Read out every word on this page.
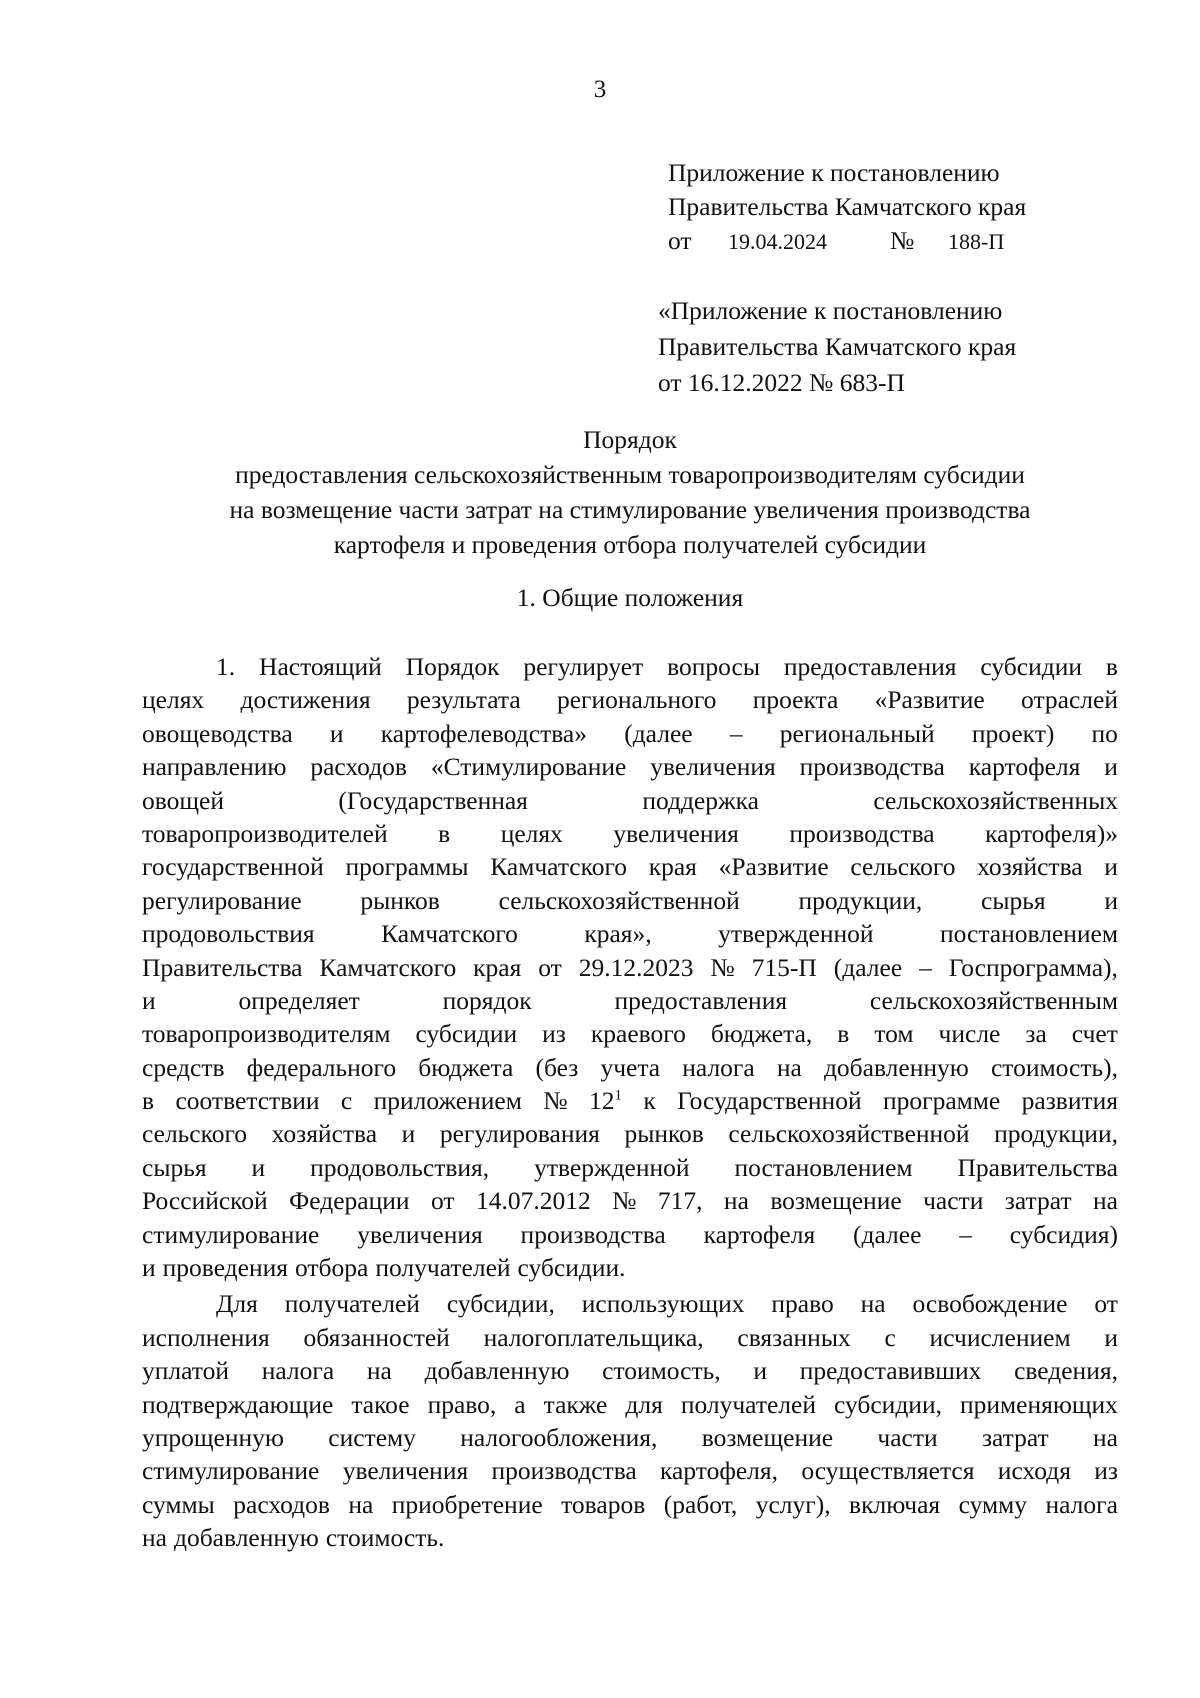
3
Приложение к постановлению
Правительства Камчатского края
от 19.04.2024 № 188-П
«Приложение к постановлению
Правительства Камчатского края
от 16.12.2022 № 683-П
Порядок
предоставления сельскохозяйственным товаропроизводителям субсидии
на возмещение части затрат на стимулирование увеличения производства
картофеля и проведения отбора получателей субсидии
1. Общие положения
1. Настоящий Порядок регулирует вопросы предоставления субсидии в
целях достижения результата регионального проекта «Развитие отраслей
овощеводства и картофелеводства» (далее – региональный проект) по
направлению расходов «Стимулирование увеличения производства картофеля и
овощей	(Государственная	поддержка	сельскохозяйственных
товаропроизводителей в целях увеличения производства картофеля)»
государственной программы Камчатского края «Развитие сельского хозяйства и
регулирование рынков сельскохозяйственной продукции, сырья и
продовольствия	Камчатского	края»,	утвержденной	постановлением
Правительства Камчатского края от 29.12.2023 № 715-П (далее – Госпрограмма),
и	определяет	порядок	предоставления	сельскохозяйственным
товаропроизводителям субсидии из краевого бюджета, в том числе за счет
средств федерального бюджета (без учета налога на добавленную стоимость),
в соответствии с приложением № $12^1$ к Государственной программе развития
сельского хозяйства и регулирования рынков сельскохозяйственной продукции,
сырья и продовольствия, утвержденной постановлением Правительства
Российской Федерации от 14.07.2012 № 717, на возмещение части затрат на
стимулирование увеличения производства картофеля (далее – субсидия)
и проведения отбора получателей субсидии.
Для получателей субсидии, использующих право на освобождение от
исполнения обязанностей налогоплательщика, связанных с исчислением и
уплатой налога на добавленную стоимость, и предоставивших сведения,
подтверждающие такое право, а также для получателей субсидии, применяющих
упрощенную систему налогообложения, возмещение части затрат на
стимулирование увеличения производства картофеля, осуществляется исходя из
суммы расходов на приобретение товаров (работ, услуг), включая сумму налога
на добавленную стоимость.
